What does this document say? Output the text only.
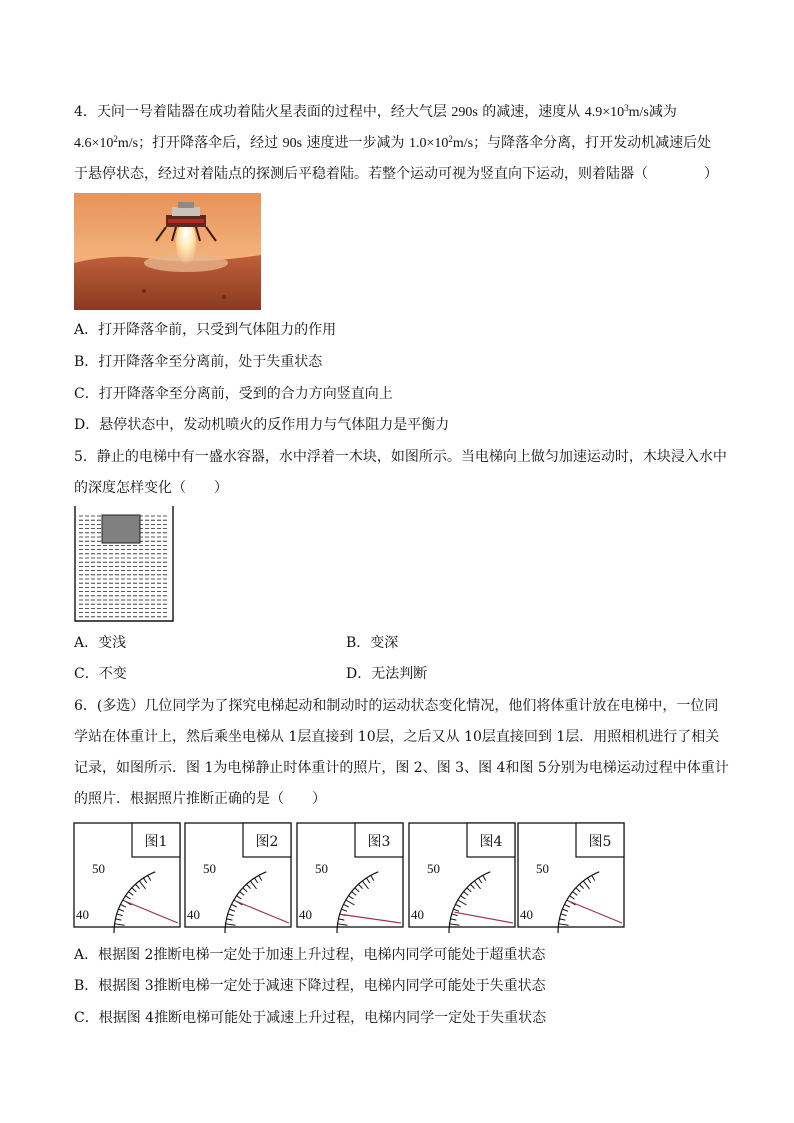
4．天问一号着陆器在成功着陆火星表面的过程中，经大气层 290s 的减速，速度从 $4.9\times 10^3m/s$减为
$4.6\times 10^2m/s$；打开降落伞后，经过 90s 速度进一步减为 $1.0\times 10^2m/s$；与降落伞分离，打开发动机减速后处
于悬停状态，经过对着陆点的探测后平稳着陆。若整个运动可视为竖直向下运动，则着陆器（　　　　）
A．打开降落伞前，只受到气体阻力的作用
B．打开降落伞至分离前，处于失重状态
C．打开降落伞至分离前，受到的合力方向竖直向上
D．悬停状态中，发动机喷火的反作用力与气体阻力是平衡力
5．静止的电梯中有一盛水容器，水中浮着一木块，如图所示。当电梯向上做匀加速运动时，木块浸入水中
的深度怎样变化（　　）
A．变浅	B．变深
C．不变	D．无法判断
6．(多选）几位同学为了探究电梯起动和制动时的运动状态变化情况，他们将体重计放在电梯中，一位同
学站在体重计上，然后乘坐电梯从 1层直接到 10层，之后又从 10层直接回到 1层．用照相机进行了相关
记录，如图所示．图 1为电梯静止时体重计的照片，图 2、图 3、图 4和图 5分别为电梯运动过程中体重计
的照片．根据照片推断正确的是（　　）
图1
50
40
图2
50
40
图3
50
40
图4
50
40
图5
50
40
A．根据图 2推断电梯一定处于加速上升过程，电梯内同学可能处于超重状态
B．根据图 3推断电梯一定处于减速下降过程，电梯内同学可能处于失重状态
C．根据图 4推断电梯可能处于减速上升过程，电梯内同学一定处于失重状态
